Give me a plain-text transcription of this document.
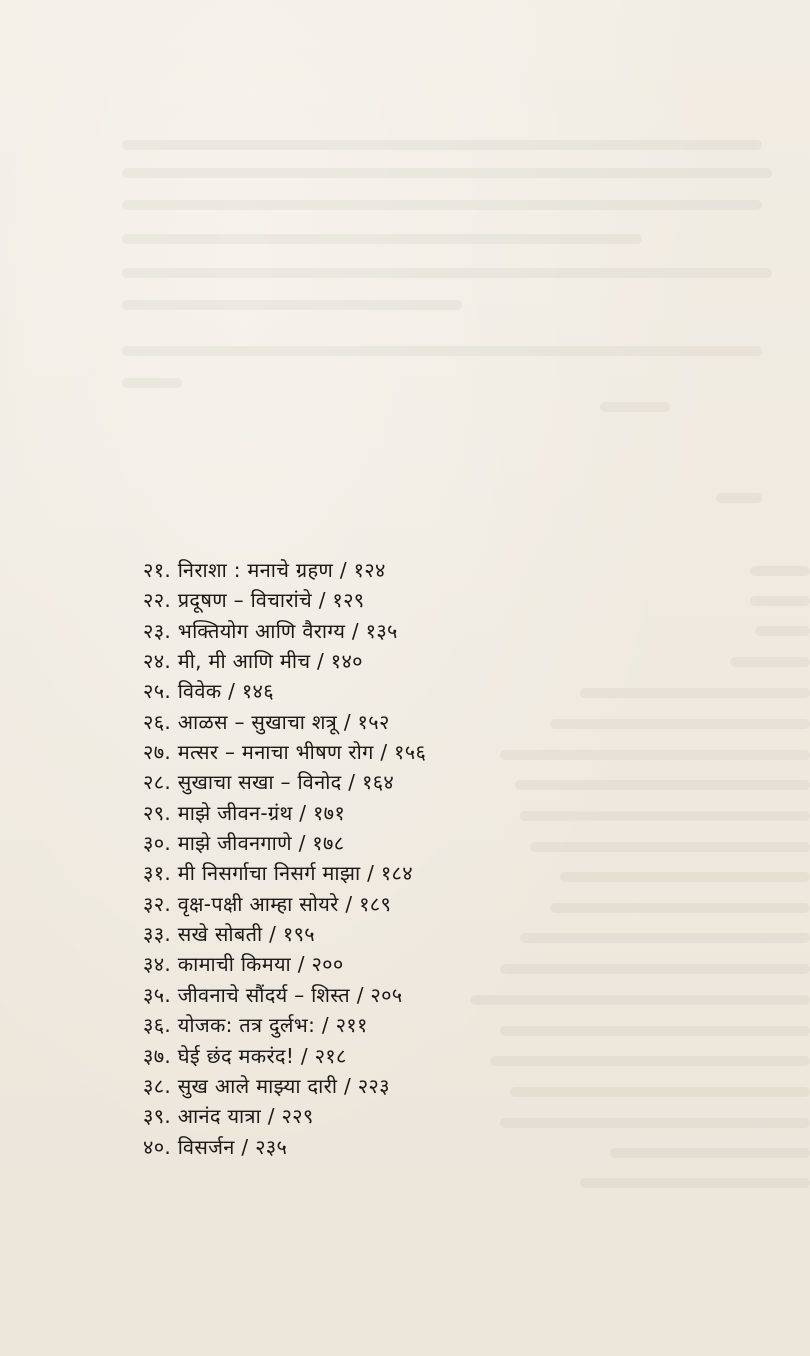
२१. निराशा : मनाचे ग्रहण / १२४
२२. प्रदूषण – विचारांचे / १२९
२३. भक्तियोग आणि वैराग्य / १३५
२४. मी, मी आणि मीच / १४०
२५. विवेक / १४६
२६. आळस – सुखाचा शत्रू / १५२
२७. मत्सर – मनाचा भीषण रोग / १५६
२८. सुखाचा सखा – विनोद / १६४
२९. माझे जीवन-ग्रंथ / १७१
३०. माझे जीवनगाणे / १७८
३१. मी निसर्गाचा निसर्ग माझा / १८४
३२. वृक्ष-पक्षी आम्हा सोयरे / १८९
३३. सखे सोबती / १९५
३४. कामाची किमया / २००
३५. जीवनाचे सौंदर्य – शिस्त / २०५
३६. योजक: तत्र दुर्लभ: / २११
३७. घेई छंद मकरंद! / २१८
३८. सुख आले माझ्या दारी / २२३
३९. आनंद यात्रा / २२९
४०. विसर्जन / २३५
